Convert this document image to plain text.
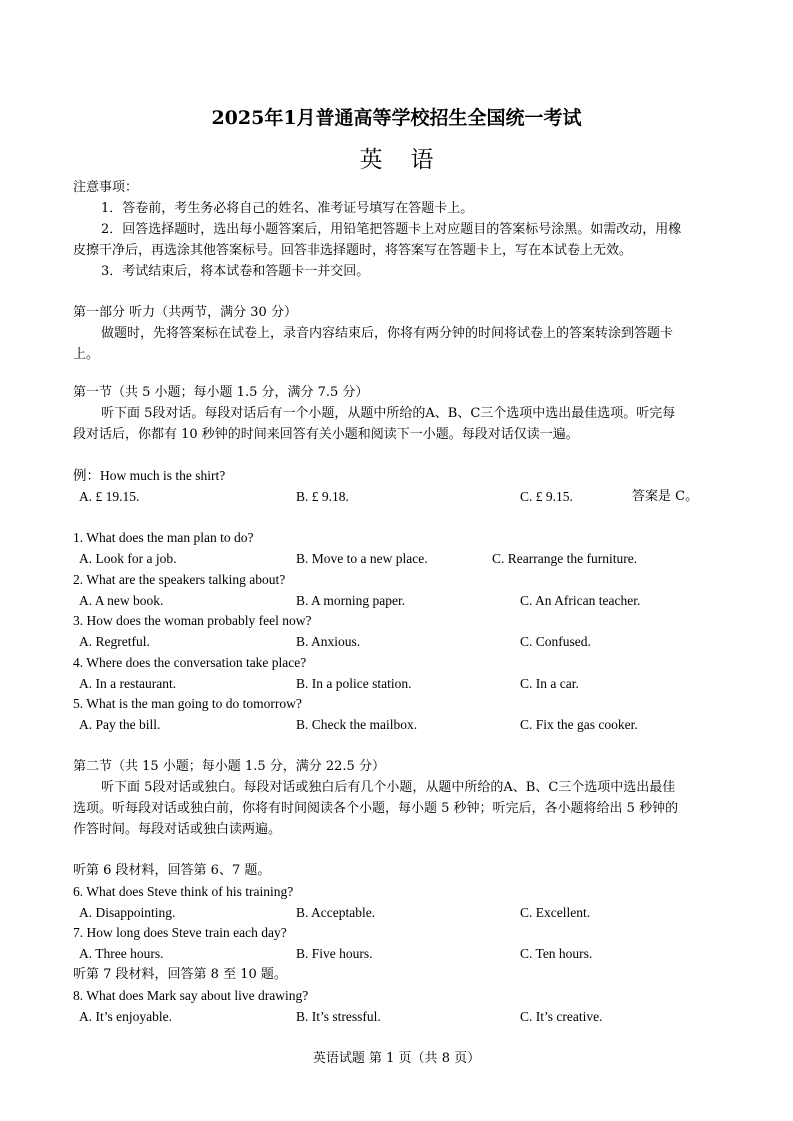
2025年1月普通高等学校招生全国统一考试
英语
注意事项：
1．答卷前，考生务必将自己的姓名、准考证号填写在答题卡上。
2．回答选择题时，选出每小题答案后，用铅笔把答题卡上对应题目的答案标号涂黑。如需改动，用橡
皮擦干净后，再选涂其他答案标号。回答非选择题时，将答案写在答题卡上，写在本试卷上无效。
3．考试结束后，将本试卷和答题卡一并交回。
第一部分 听力（共两节，满分 30 分）
做题时，先将答案标在试卷上，录音内容结束后，你将有两分钟的时间将试卷上的答案转涂到答题卡
上。
第一节（共 5 小题；每小题 1.5 分，满分 7.5 分）
听下面 5段对话。每段对话后有一个小题，从题中所给的A、B、C三个选项中选出最佳选项。听完每
段对话后，你都有 10 秒钟的时间来回答有关小题和阅读下一小题。每段对话仅读一遍。
例：How much is the shirt?
A. £ 19.15.	B. £ 9.18.	C. £ 9.15.	答案是 C。
1. What does the man plan to do?
A. Look for a job.	B. Move to a new place.	C. Rearrange the furniture.
2. What are the speakers talking about?
A. A new book.	B. A morning paper.	C. An African teacher.
3. How does the woman probably feel now?
A. Regretful.	B. Anxious.	C. Confused.
4. Where does the conversation take place?
A. In a restaurant.	B. In a police station.	C. In a car.
5. What is the man going to do tomorrow?
A. Pay the bill.	B. Check the mailbox.	C. Fix the gas cooker.
第二节（共 15 小题；每小题 1.5 分，满分 22.5 分）
听下面 5段对话或独白。每段对话或独白后有几个小题，从题中所给的A、B、C三个选项中选出最佳
选项。听每段对话或独白前，你将有时间阅读各个小题，每小题 5 秒钟；听完后，各小题将给出 5 秒钟的
作答时间。每段对话或独白读两遍。
听第 6 段材料，回答第 6、7 题。
6. What does Steve think of his training?
A. Disappointing.	B. Acceptable.	C. Excellent.
7. How long does Steve train each day?
A. Three hours.	B. Five hours.	C. Ten hours.
听第 7 段材料，回答第 8 至 10 题。
8. What does Mark say about live drawing?
A. It’s enjoyable.	B. It’s stressful.	C. It’s creative.
英语试题 第 1 页（共 8 页）
